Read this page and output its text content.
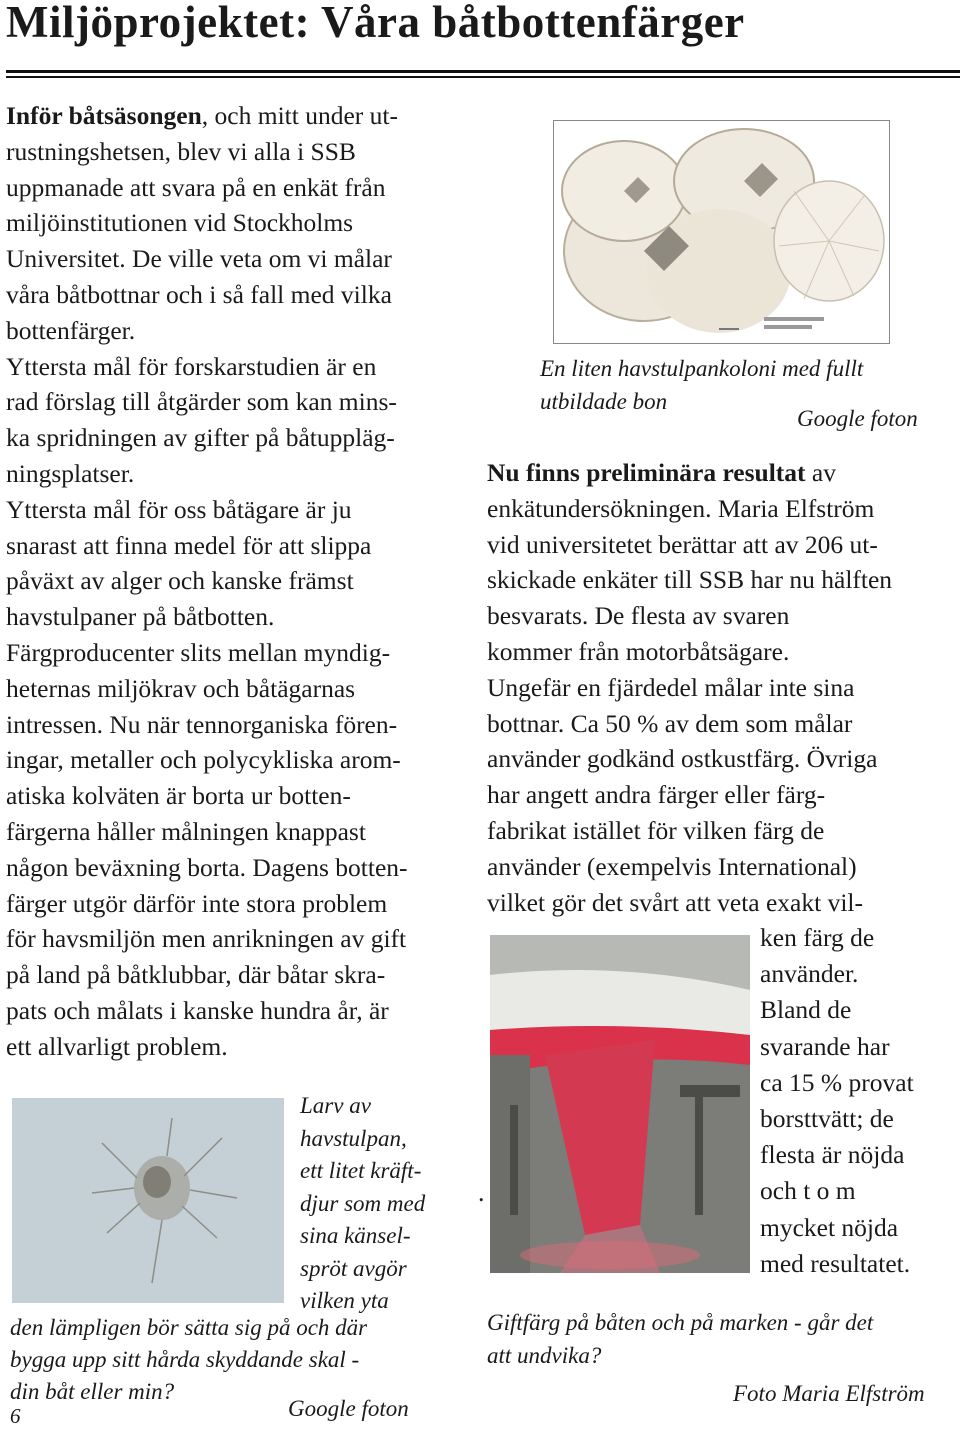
Miljöprojektet: Våra båtbottenfärger
Inför båtsäsongen, och mitt under ut-
rustningshetsen, blev vi alla i SSB
uppmanade att svara på en enkät från
miljöinstitutionen vid Stockholms
Universitet. De ville veta om vi målar
våra båtbottnar och i så fall med vilka
bottenfärger.
Yttersta mål för forskarstudien är en
rad förslag till åtgärder som kan mins-
ka spridningen av gifter på båtuppläg-
ningsplatser.
Yttersta mål för oss båtägare är ju
snarast att finna medel för att slippa
påväxt av alger och kanske främst
havstulpaner på båtbotten.
Färgproducenter slits mellan myndig-
heternas miljökrav och båtägarnas
intressen. Nu när tennorganiska fören-
ingar, metaller och polycykliska arom-
atiska kolväten är borta ur botten-
färgerna håller målningen knappast
någon beväxning borta. Dagens botten-
färger utgör därför inte stora problem
för havsmiljön men anrikningen av gift
på land på båtklubbar, där båtar skra-
pats och målats i kanske hundra år, är
ett allvarligt problem.
En liten havstulpankoloni med fullt
utbildade bon
Google foton
Nu finns preliminära resultat av
enkätundersökningen. Maria Elfström
vid universitetet berättar att av 206 ut-
skickade enkäter till SSB har nu hälften
besvarats. De flesta av svaren
kommer från motorbåtsägare.
Ungefär en fjärdedel målar inte sina
bottnar. Ca 50 % av dem som målar
använder godkänd ostkustfärg. Övriga
har angett andra färger eller färg-
fabrikat istället för vilken färg de
använder (exempelvis International)
vilket gör det svårt att veta exakt vil-
.
ken färg de
använder.
Bland de
svarande har
ca 15 % provat
borsttvätt; de
flesta är nöjda
och t o m
mycket nöjda
med resultatet.
Giftfärg på båten och på marken - går det
att undvika?
Foto Maria Elfström
Larv av
havstulpan,
ett litet kräft-
djur som med
sina känsel-
spröt avgör
vilken yta
den lämpligen bör sätta sig på och där
bygga upp sitt hårda skyddande skal -
din båt eller min?
6	Google foton
